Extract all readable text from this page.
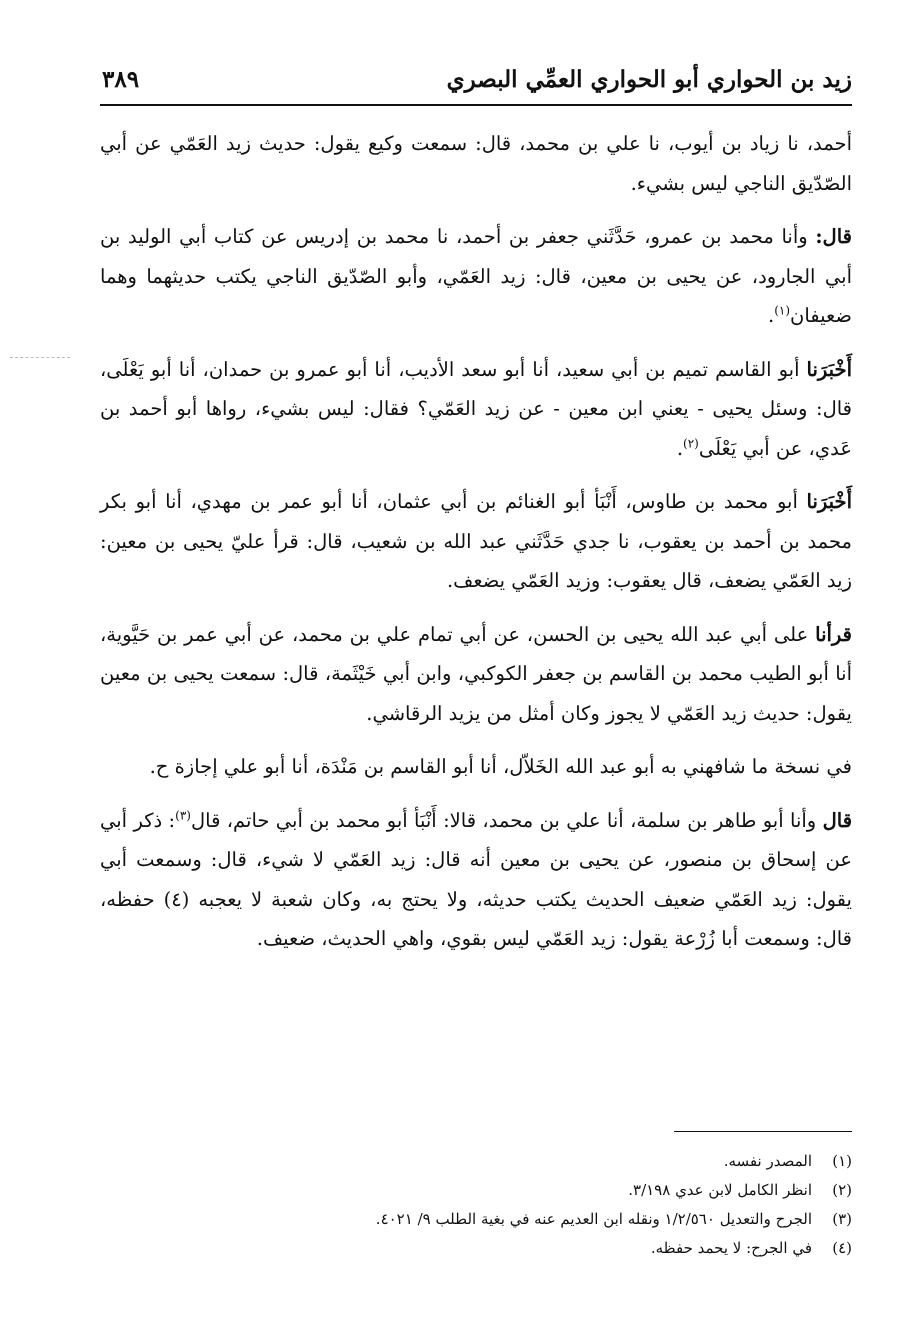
زيد بن الحواري أبو الحواري العمِّي البصري
٣٨٩

أحمد، نا زياد بن أيوب، نا علي بن محمد، قال: سمعت وكيع يقول: حديث زيد العَمّي عن أبي الصّدّيق الناجي ليس بشيء.

قال: وأنا محمد بن عمرو، حَدَّثَني جعفر بن أحمد، نا محمد بن إدريس عن كتاب أبي الوليد بن أبي الجارود، عن يحيى بن معين، قال: زيد العَمّي، وأبو الصّدّيق الناجي يكتب حديثهما وهما ضعيفان$^{(١)}$.

أَخْبَرَنا أبو القاسم تميم بن أبي سعيد، أنا أبو سعد الأديب، أنا أبو عمرو بن حمدان، أنا أبو يَعْلَى، قال: وسئل يحيى - يعني ابن معين - عن زيد العَمّي؟ فقال: ليس بشيء، رواها أبو أحمد بن عَدي، عن أبي يَعْلَى$^{(٢)}$.

أَخْبَرَنا أبو محمد بن طاوس، أَنْبَأ أبو الغنائم بن أبي عثمان، أنا أبو عمر بن مهدي، أنا أبو بكر محمد بن أحمد بن يعقوب، نا جدي حَدَّثَني عبد الله بن شعيب، قال: قرأ عليّ يحيى بن معين: زيد العَمّي يضعف، قال يعقوب: وزيد العَمّي يضعف.

قرأنا على أبي عبد الله يحيى بن الحسن، عن أبي تمام علي بن محمد، عن أبي عمر بن حَيَّوية، أنا أبو الطيب محمد بن القاسم بن جعفر الكوكبي، وابن أبي خَيْثَمة، قال: سمعت يحيى بن معين يقول: حديث زيد العَمّي لا يجوز وكان أمثل من يزيد الرقاشي.

في نسخة ما شافهني به أبو عبد الله الخَلاّل، أنا أبو القاسم بن مَنْدَة، أنا أبو علي إجازة ح.

قال وأنا أبو طاهر بن سلمة، أنا علي بن محمد، قالا: أَنْبَأ أبو محمد بن أبي حاتم، قال$^{(٣)}$: ذكر أبي عن إسحاق بن منصور، عن يحيى بن معين أنه قال: زيد العَمّي لا شيء، قال: وسمعت أبي يقول: زيد العَمّي ضعيف الحديث يكتب حديثه، ولا يحتج به، وكان شعبة لا يعجبه (٤) حفظه، قال: وسمعت أبا زُرْعة يقول: زيد العَمّي ليس بقوي، واهي الحديث، ضعيف.

(١)
المصدر نفسه.
(٢)
انظر الكامل لابن عدي ٣/١٩٨.
(٣)
الجرح والتعديل ١/٢/٥٦٠ ونقله ابن العديم عنه في بغية الطلب ٩/ ٤٠٢١.
(٤)
في الجرح: لا يحمد حفظه.
